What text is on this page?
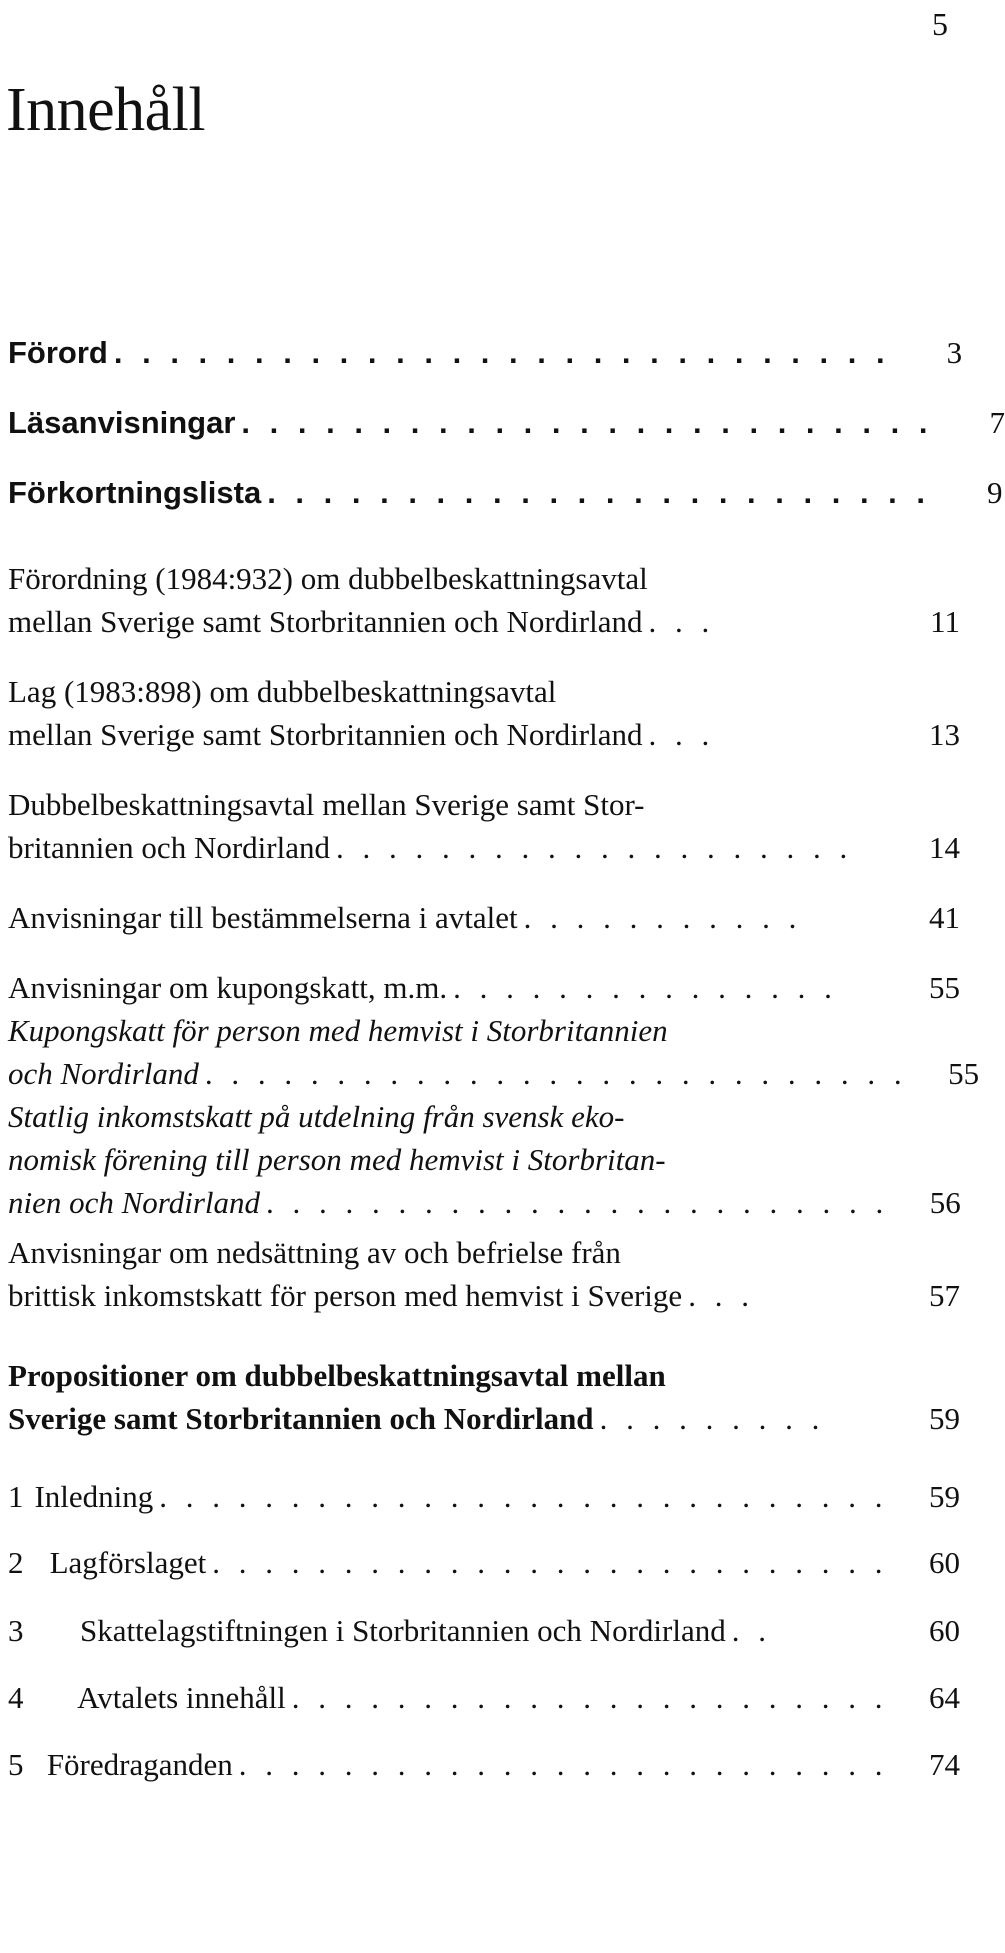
5
Innehåll
Förord . . . . . . . . . . . . . . . . . . . . . . . . . . . .	3
Läsanvisningar . . . . . . . . . . . . . . . . . . . . . . . . .	7
Förkortningslista . . . . . . . . . . . . . . . . . . . . . . . .	9
Förordning (1984:932) om dubbelbeskattningsavtal
mellan Sverige samt Storbritannien och Nordirland . . .	11
Lag (1983:898) om dubbelbeskattningsavtal
mellan Sverige samt Storbritannien och Nordirland . . .	13
Dubbelbeskattningsavtal mellan Sverige samt Stor-
britannien och Nordirland . . . . . . . . . . . . . . . . . . . .	14
Anvisningar till bestämmelserna i avtalet . . . . . . . . . . .	41
Anvisningar om kupongskatt, m.m. . . . . . . . . . . . . . . .	55
Kupongskatt för person med hemvist i Storbritannien
och Nordirland . . . . . . . . . . . . . . . . . . . . . . . . . . .	55
Statlig inkomstskatt på utdelning från svensk eko-
nomisk förening till person med hemvist i Storbritan-
nien och Nordirland . . . . . . . . . . . . . . . . . . . . . . . .	56
Anvisningar om nedsättning av och befrielse från
brittisk inkomstskatt för person med hemvist i Sverige . . .	57
Propositioner om dubbelbeskattningsavtal mellan
Sverige samt Storbritannien och Nordirland . . . . . . . . .	59
1 Inledning . . . . . . . . . . . . . . . . . . . . . . . . . . . .	59
2 Lagförslaget . . . . . . . . . . . . . . . . . . . . . . . . . .	60
3	Skattelagstiftningen i Storbritannien och Nordirland . .	60
4	Avtalets innehåll . . . . . . . . . . . . . . . . . . . . . . .	64
5 Föredraganden . . . . . . . . . . . . . . . . . . . . . . . . .	74
